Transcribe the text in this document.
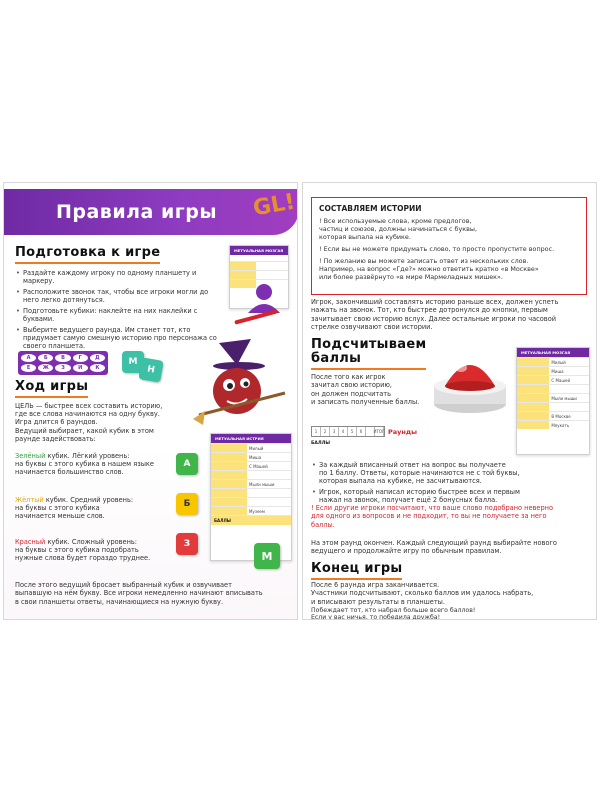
Правила игры	GL!
Подготовка к игре
• Раздайте каждому игроку по одному планшету и маркеру.
• Расположите звонок так, чтобы все игроки могли до него легко дотянуться.
• Подготовьте кубики: наклейте на них наклейки с буквами.
• Выберите ведущего раунда. Им станет тот, кто придумает самую смешную историю про персонажа со своего планшета.
МЕТУАЛЬНАЯ МОЗГАЯ
А	Б	В	Г	Д
Е	Ж	З	И	К
М
Н
Ход игры
ЦЕЛЬ — быстрее всех составить историю,
где все слова начинаются на одну букву.
Игра длится 6 раундов.
Ведущий выбирает, какой кубик в этом
раунде задействовать:
Зелёный кубик. Лёгкий уровень:
на буквы с этого кубика в нашем языке
начинается большинство слов.
Жёлтый кубик. Средний уровень:
на буквы с этого кубика
начинается меньше слов.
Красный кубик. Сложный уровень:
на буквы с этого кубика подобрать
нужные слова будет гораздо труднее.
А
Б
З
МЕТУАЛЬНАЯ ИСТРИЯ
Милый
Миша
С Машей
Мыли мыши
Музеем
БАЛЛЫ
М
После этого ведущий бросает выбранный кубик и озвучивает
выпавшую на нём букву. Все игроки немедленно начинают вписывать
в свои планшеты ответы, начинающиеся на нужную букву.
СОСТАВЛЯЕМ ИСТОРИИ

! Все используемые слова, кроме предлогов,
частиц и союзов, должны начинаться с буквы,
которая выпала на кубике.

! Если вы не можете придумать слово, то просто пропустите вопрос.

! По желанию вы можете записать ответ из нескольких слов.
Например, на вопрос «Где?» можно ответить кратко «в Москве»
или более развёрнуто «в мире Мармеладных мишек».

Игрок, закончивший составлять историю раньше всех, должен успеть
нажать на звонок. Тот, кто быстрее дотронулся до кнопки, первым
зачитывает свою историю вслух. Далее остальные игроки по часовой
стрелке озвучивают свои истории.
Подсчитываем
баллы
После того как игрок
зачитал свою историю,
он должен подсчитать
и записать полученные баллы.
МЕТУАЛЬНАЯ МОЗГАЯ
Милый
Миша
С Машей
Мыли мыши
В Москве
Мяукать
1	2	3	4	5	6	ИТОГ Раунды
БАЛЛЫ
• За каждый вписанный ответ на вопрос вы получаете
по 1 баллу. Ответы, которые начинаются не с той буквы,
которая выпала на кубике, не засчитываются.
• Игрок, который написал историю быстрее всех и первым
нажал на звонок, получает ещё 2 бонусных балла.
! Если другие игроки посчитают, что ваше слово подобрано неверно
для одного из вопросов и не подходит, то вы не получаете за него
баллы.
На этом раунд окончен. Каждый следующий раунд выбирайте нового
ведущего и продолжайте игру по обычным правилам.
Конец игры
После 6 раунда игра заканчивается.
Участники подсчитывают, сколько баллов им удалось набрать,
и вписывают результаты в планшеты.
Побеждает тот, кто набрал больше всего баллов!
Если у вас ничья, то победила дружба!
